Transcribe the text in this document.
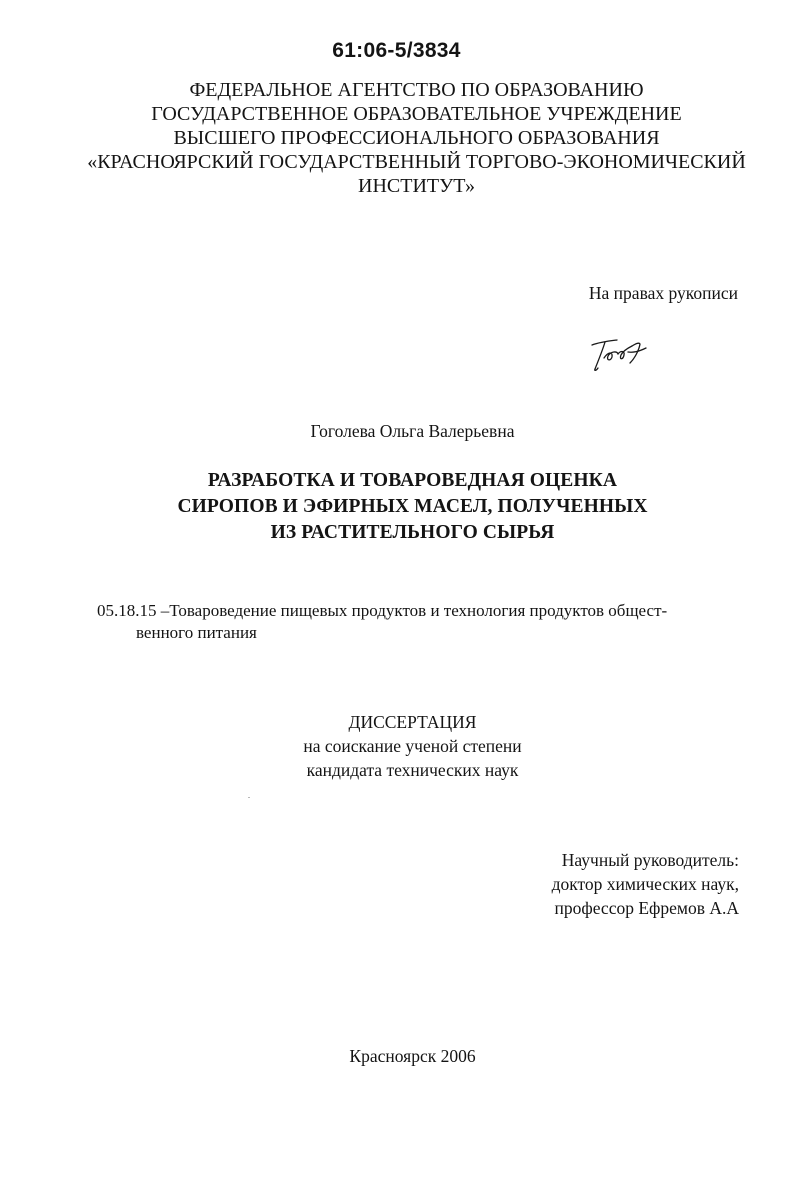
61:06-5/3834
ФЕДЕРАЛЬНОЕ АГЕНТСТВО ПО ОБРАЗОВАНИЮ
ГОСУДАРСТВЕННОЕ ОБРАЗОВАТЕЛЬНОЕ УЧРЕЖДЕНИЕ
ВЫСШЕГО ПРОФЕССИОНАЛЬНОГО ОБРАЗОВАНИЯ
«КРАСНОЯРСКИЙ ГОСУДАРСТВЕННЫЙ ТОРГОВО-ЭКОНОМИЧЕСКИЙ
ИНСТИТУТ»
На правах рукописи
Гоголева Ольга Валерьевна
РАЗРАБОТКА И ТОВАРОВЕДНАЯ ОЦЕНКА
СИРОПОВ И ЭФИРНЫХ МАСЕЛ, ПОЛУЧЕННЫХ
ИЗ РАСТИТЕЛЬНОГО СЫРЬЯ
05.18.15 –Товароведение пищевых продуктов и технология продуктов общест-
венного питания
ДИССЕРТАЦИЯ
на соискание ученой степени
кандидата технических наук
Научный руководитель:
доктор химических наук,
профессор Ефремов А.А
Красноярск 2006
